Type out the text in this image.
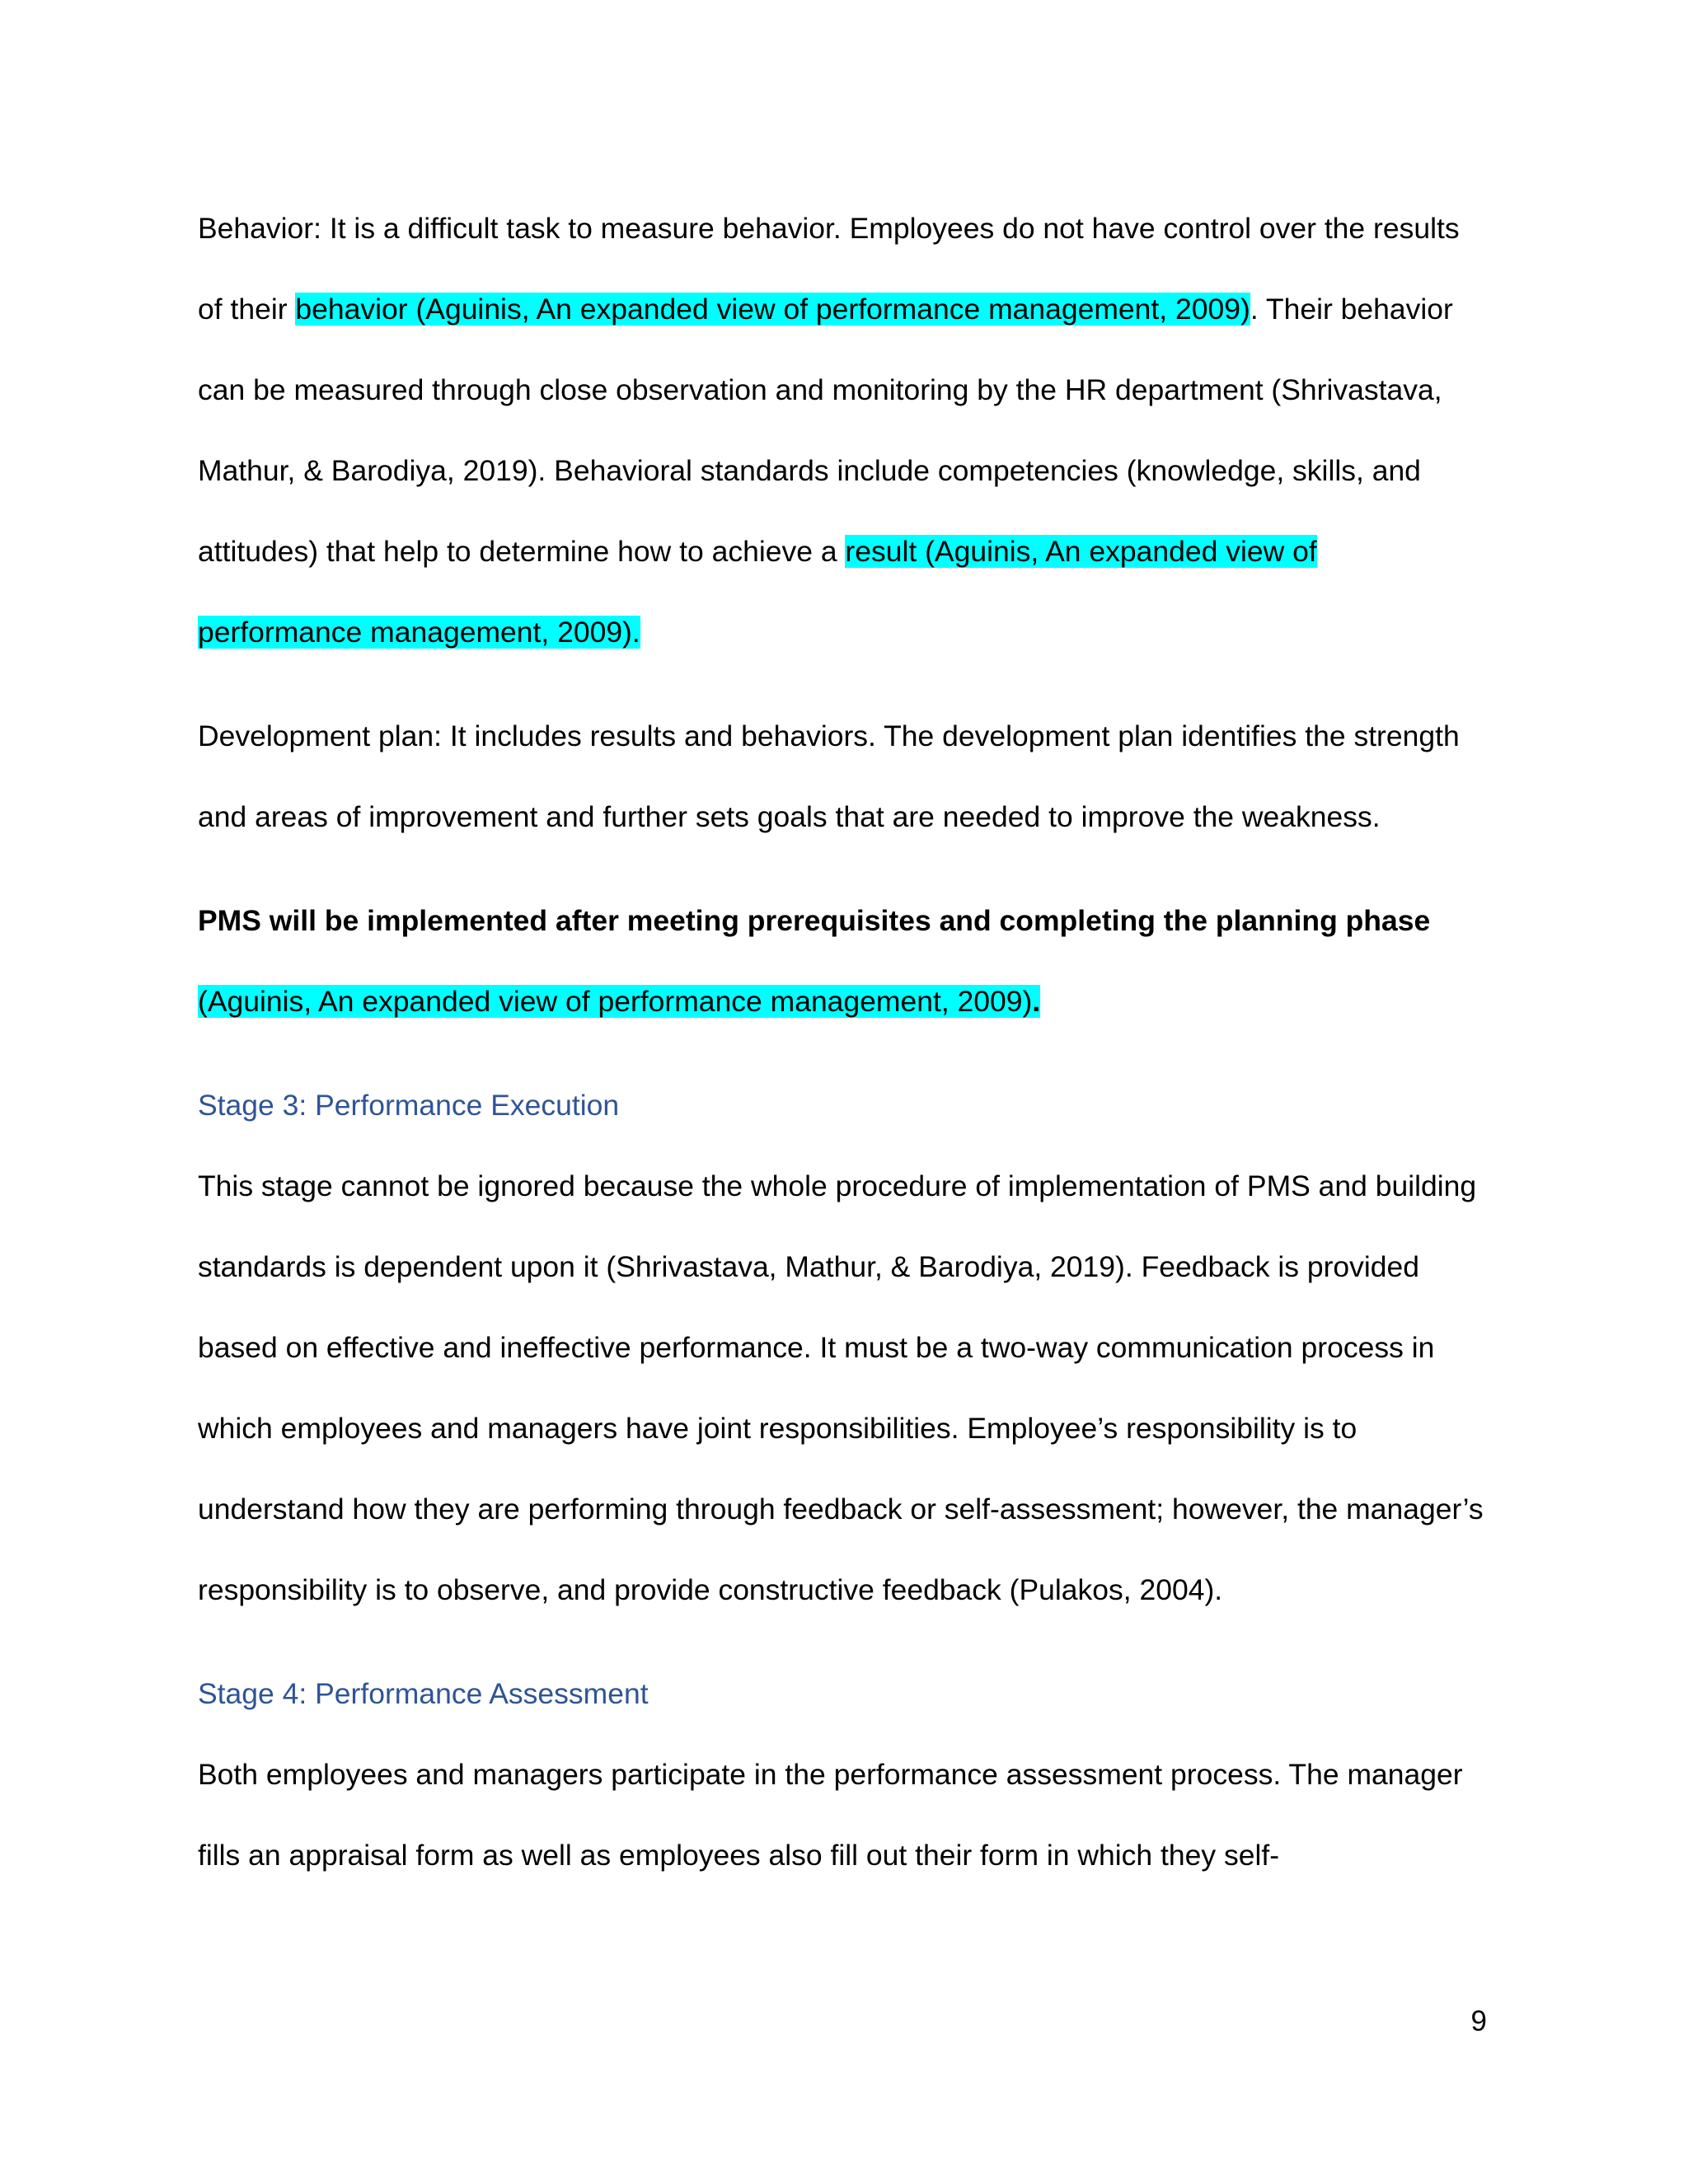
Behavior: It is a difficult task to measure behavior. Employees do not have control over the results of their behavior (Aguinis, An expanded view of performance management, 2009). Their behavior can be measured through close observation and monitoring by the HR department (Shrivastava, Mathur, & Barodiya, 2019). Behavioral standards include competencies (knowledge, skills, and attitudes) that help to determine how to achieve a result (Aguinis, An expanded view of performance management, 2009).

Development plan: It includes results and behaviors. The development plan identifies the strength and areas of improvement and further sets goals that are needed to improve the weakness.

PMS will be implemented after meeting prerequisites and completing the planning phase (Aguinis, An expanded view of performance management, 2009).

Stage 3: Performance Execution

This stage cannot be ignored because the whole procedure of implementation of PMS and building standards is dependent upon it (Shrivastava, Mathur, & Barodiya, 2019). Feedback is provided based on effective and ineffective performance. It must be a two-way communication process in which employees and managers have joint responsibilities. Employee’s responsibility is to understand how they are performing through feedback or self-assessment; however, the manager’s responsibility is to observe, and provide constructive feedback (Pulakos, 2004).

Stage 4: Performance Assessment

Both employees and managers participate in the performance assessment process. The manager fills an appraisal form as well as employees also fill out their form in which they self-

9
